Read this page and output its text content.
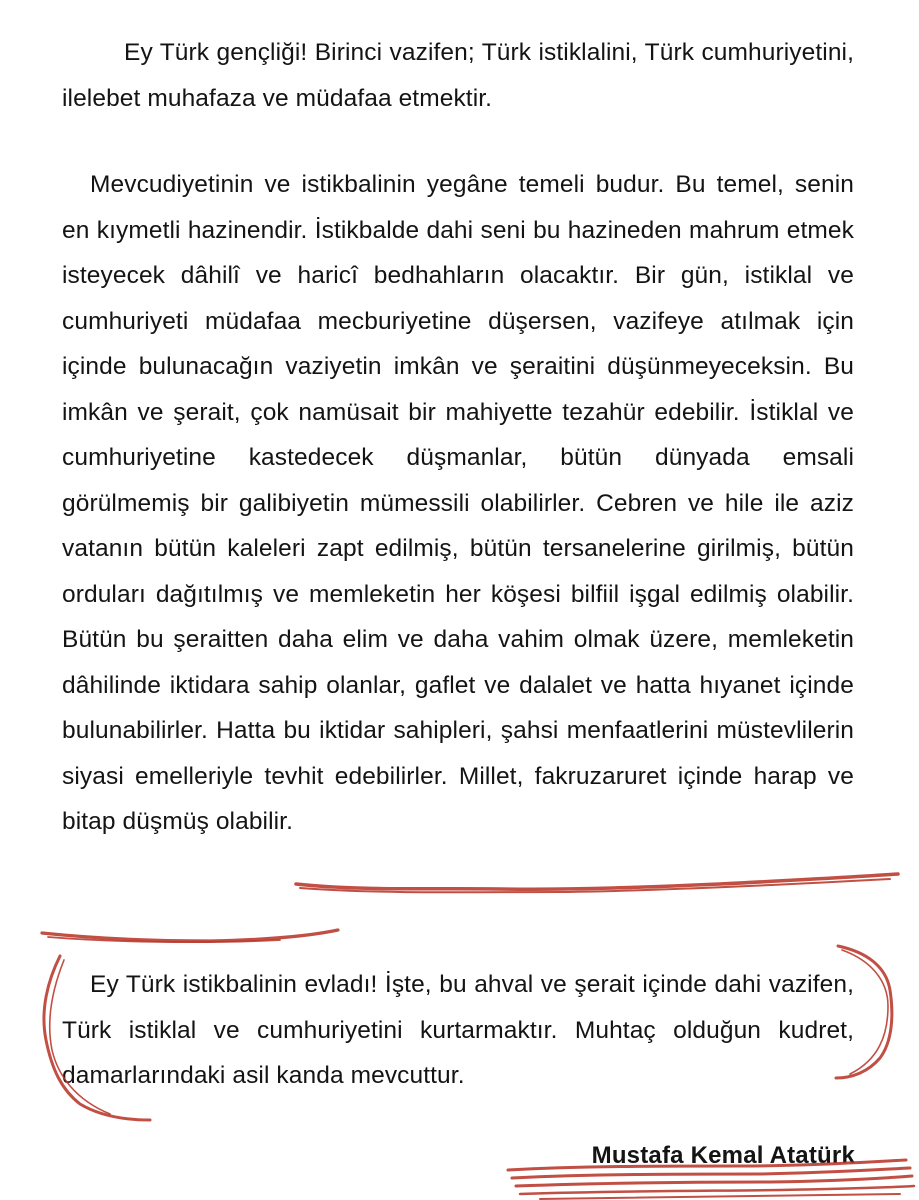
Ey Türk gençliği! Birinci vazifen; Türk istiklalini, Türk cumhuriyetini, ilelebet muhafaza ve müdafaa etmektir.

Mevcudiyetinin ve istikbalinin yegâne temeli budur. Bu temel, senin en kıymetli hazinendir. İstikbalde dahi seni bu hazineden mahrum etmek isteyecek dâhilî ve haricî bedhahların olacaktır. Bir gün, istiklal ve cumhuriyeti müdafaa mecburiyetine düşersen, vazifeye atılmak için içinde bulunacağın vaziyetin imkân ve şeraitini düşünmeyeceksin. Bu imkân ve şerait, çok namüsait bir mahiyette tezahür edebilir. İstiklal ve cumhuriyetine kastedecek düşmanlar, bütün dünyada emsali görülmemiş bir galibiyetin mümessili olabilirler. Cebren ve hile ile aziz vatanın bütün kaleleri zapt edilmiş, bütün tersanelerine girilmiş, bütün orduları dağıtılmış ve memleketin her köşesi bilfiil işgal edilmiş olabilir. Bütün bu şeraitten daha elim ve daha vahim olmak üzere, memleketin dâhilinde iktidara sahip olanlar, gaflet ve dalalet ve hatta hıyanet içinde bulunabilirler. Hatta bu iktidar sahipleri, şahsi menfaatlerini müstevlilerin siyasi emelleriyle tevhit edebilirler. Millet, fakruzaruret içinde harap ve bitap düşmüş olabilir.

Ey Türk istikbalinin evladı! İşte, bu ahval ve şerait içinde dahi vazifen, Türk istiklal ve cumhuriyetini kurtarmaktır. Muhtaç olduğun kudret, damarlarındaki asil kanda mevcuttur.

Mustafa Kemal Atatürk
